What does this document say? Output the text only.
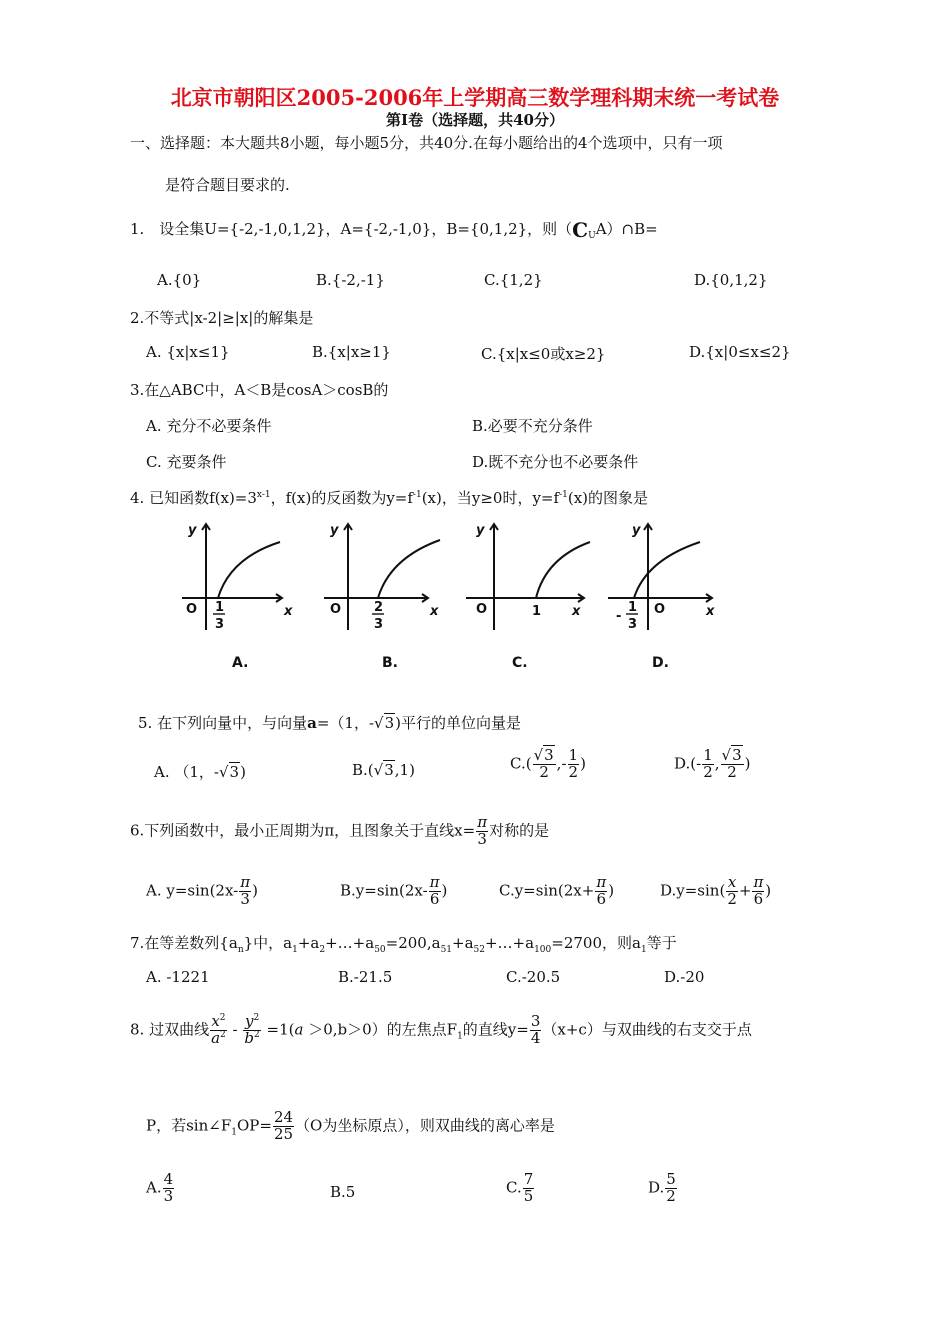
北京市朝阳区2005-2006年上学期高三数学理科期末统一考试卷
第Ⅰ卷（选择题，共40分）
一、选择题：本大题共8小题，每小题5分，共40分.在每小题给出的4个选项中，只有一项
是符合题目要求的.
1.　设全集U={-2,-1,0,1,2}，A={-2,-1,0}，B={0,1,2}，则$(C_UA)\cap B=$
A.{0}	B.{-2,-1}	C.{1,2}	D.{0,1,2}
2.不等式|x-2|≥|x|的解集是
A. {x|x≤1}	B.{x|x≥1}	C.{x|x≤0或x≥2}	D.{x|0≤x≤2}
3.在△ABC中，A＜B是cosA＞cosB的
A. 充分不必要条件	B.必要不充分条件
C. 充要条件	D.既不充分也不必要条件
4. 已知函数$f(x)=3^{x-1}$，f(x)的反函数为$y=f^{-1}(x)$，当y≥0时，$y=f^{-1}(x)$的图象是
y
O	x
1
3
A.
y
O	x
2
3
B.
y
O	x
1
C.
y
O	x
-
1
3
D.
5. 在下列向量中，与向量a=（1，-√3)平行的单位向量是
A. （1，-√3)	B.(√3,1)	$C.( \frac{√3}{2}$ ,- $\frac{1}{2}$ )	$D.(- \frac{1}{2}$ , $\frac{√3}{2}$ )
6.下列函数中，最小正周期为π，且图象关于直线$x= \frac{\pi}{3}$ 对称的是
A. $y=\sin(2x- \frac{\pi}{3}$ )	$B.y=\sin(2x- \frac{\pi}{6}$ )	$C.y=\sin(2x+ \frac{\pi}{6}$ )	$D.y=\sin( \frac{x}{2} + \frac{\pi}{6}$ )
7.在等差数列$\{a_n\}$中，$a_1+a_2+\dots+a_{50}=200,a_{51}+a_{52}+\dots+a_{100}=2700$，则$a_1$等于
A. -1221	B.-21.5	C.-20.5	D.-20
8. 过双曲线 $\frac{x^2}{a^2} - \frac{y^2}{b^2} =1(a >0,b>0)$的左焦点$F_1$的直线$y= \frac{3}{4} (x+c)$与双曲线的右支交于点
P，若$\sin\angle F_1OP= \frac{24}{25} (O$为坐标原点），则双曲线的离心率是
A. $\frac{4}{3}$	B.5	C. $\frac{7}{5}$	D. $\frac{5}{2}$
